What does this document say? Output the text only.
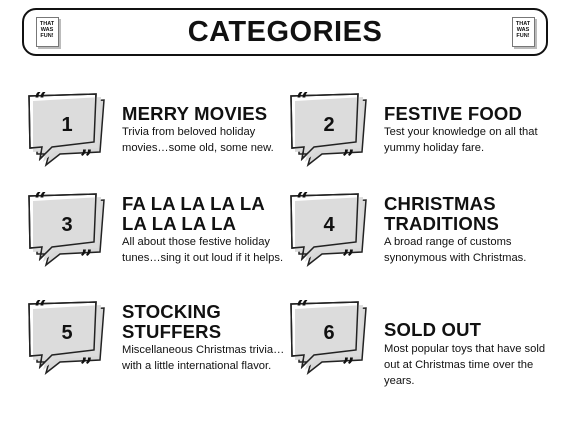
THAT WAS FUN!	CATEGORIES	THAT WAS FUN!
“
”
1
MERRY MOVIES
Trivia from beloved holiday movies…some old, some new.
“
”
2
FESTIVE FOOD
Test your knowledge on all that yummy holiday fare.
“
”
3
FA LA LA LA LA LA LA LA LA
All about those festive holiday tunes…sing it out loud if it helps.
“
”
4
CHRISTMAS TRADITIONS
A broad range of customs synonymous with Christmas.
“
”
5
STOCKING STUFFERS
Miscellaneous Christmas trivia… with a little international flavor.
“
”
6	SOLD OUT
Most popular toys that have sold out at Christmas time over the years.
